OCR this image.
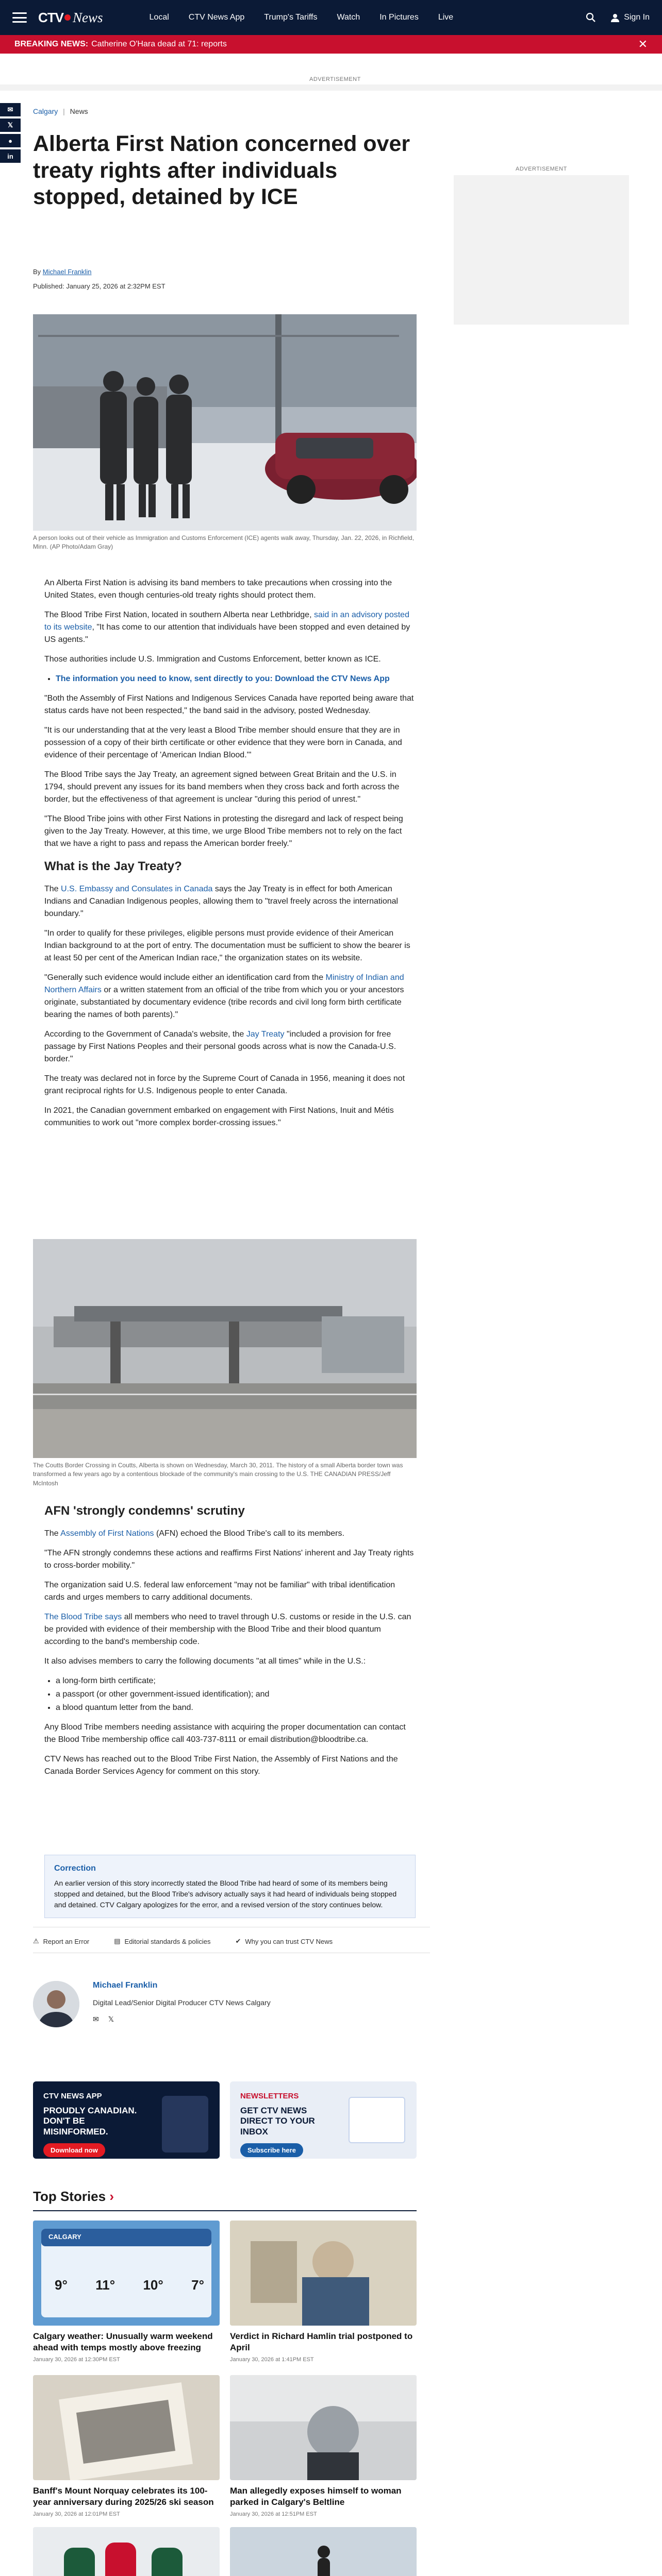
CTV News	Local CTV News App Trump's Tariffs Watch In Pictures Live	Sign In
BREAKING NEWS: Catherine O'Hara dead at 71: reports	✕
ADVERTISEMENT
✉
𝕏
●
in
Calgary | News
ADVERTISEMENT
Alberta First Nation concerned over treaty rights after individuals stopped, detained by ICE
By Michael Franklin
Published: January 25, 2026 at 2:32PM EST
A person looks out of their vehicle as Immigration and Customs Enforcement (ICE) agents walk away, Thursday, Jan. 22, 2026, in Richfield, Minn. (AP Photo/Adam Gray)

An Alberta First Nation is advising its band members to take precautions when crossing into the United States, even though centuries-old treaty rights should protect them.

The Blood Tribe First Nation, located in southern Alberta near Lethbridge, said in an advisory posted to its website, "It has come to our attention that individuals have been stopped and even detained by US agents."

Those authorities include U.S. Immigration and Customs Enforcement, better known as ICE.

• The information you need to know, sent directly to you: Download the CTV News App

"Both the Assembly of First Nations and Indigenous Services Canada have reported being aware that status cards have not been respected," the band said in the advisory, posted Wednesday.

"It is our understanding that at the very least a Blood Tribe member should ensure that they are in possession of a copy of their birth certificate or other evidence that they were born in Canada, and evidence of their percentage of 'American Indian Blood.'"

The Blood Tribe says the Jay Treaty, an agreement signed between Great Britain and the U.S. in 1794, should prevent any issues for its band members when they cross back and forth across the border, but the effectiveness of that agreement is unclear "during this period of unrest."

"The Blood Tribe joins with other First Nations in protesting the disregard and lack of respect being given to the Jay Treaty. However, at this time, we urge Blood Tribe members not to rely on the fact that we have a right to pass and repass the American border freely."

What is the Jay Treaty?

The U.S. Embassy and Consulates in Canada says the Jay Treaty is in effect for both American Indians and Canadian Indigenous peoples, allowing them to "travel freely across the international boundary."

"In order to qualify for these privileges, eligible persons must provide evidence of their American Indian background to at the port of entry. The documentation must be sufficient to show the bearer is at least 50 per cent of the American Indian race," the organization states on its website.

"Generally such evidence would include either an identification card from the Ministry of Indian and Northern Affairs or a written statement from an official of the tribe from which you or your ancestors originate, substantiated by documentary evidence (tribe records and civil long form birth certificate bearing the names of both parents)."

According to the Government of Canada's website, the Jay Treaty "included a provision for free passage by First Nations Peoples and their personal goods across what is now the Canada-U.S. border."

The treaty was declared not in force by the Supreme Court of Canada in 1956, meaning it does not grant reciprocal rights for U.S. Indigenous people to enter Canada.

In 2021, the Canadian government embarked on engagement with First Nations, Inuit and Métis communities to work out "more complex border-crossing issues."

The Coutts Border Crossing in Coutts, Alberta is shown on Wednesday, March 30, 2011. The history of a small Alberta border town was transformed a few years ago by a contentious blockade of the community's main crossing to the U.S. THE CANADIAN PRESS/Jeff McIntosh
AFN 'strongly condemns' scrutiny

The Assembly of First Nations (AFN) echoed the Blood Tribe's call to its members.

"The AFN strongly condemns these actions and reaffirms First Nations' inherent and Jay Treaty rights to cross-border mobility."

The organization said U.S. federal law enforcement "may not be familiar" with tribal identification cards and urges members to carry additional documents.

The Blood Tribe says all members who need to travel through U.S. customs or reside in the U.S. can be provided with evidence of their membership with the Blood Tribe and their blood quantum according to the band's membership code.

It also advises members to carry the following documents "at all times" while in the U.S.:

• a long-form birth certificate;
• a passport (or other government-issued identification); and
• a blood quantum letter from the band.

Any Blood Tribe members needing assistance with acquiring the proper documentation can contact the Blood Tribe membership office call 403-737-8111 or email distribution@bloodtribe.ca.

CTV News has reached out to the Blood Tribe First Nation, the Assembly of First Nations and the Canada Border Services Agency for comment on this story.

Correction
An earlier version of this story incorrectly stated the Blood Tribe had heard of some of its members being stopped and detained, but the Blood Tribe's advisory actually says it had heard of individuals being stopped and detained. CTV Calgary apologizes for the error, and a revised version of the story continues below.
⚠ Report an Error	▤ Editorial standards & policies	✔ Why you can trust CTV News
Michael Franklin
Digital Lead/Senior Digital Producer CTV News Calgary
✉ 𝕏
CTV NEWS APP
PROUDLY CANADIAN. DON'T BE MISINFORMED.
Download now
NEWSLETTERS
GET CTV NEWS DIRECT TO YOUR INBOX
Subscribe here
Top Stories ›
CALGARY
9° 11° 10° 7°
Calgary weather: Unusually warm weekend ahead with temps mostly above freezing
January 30, 2026 at 12:30PM EST
Verdict in Richard Hamlin trial postponed to April
January 30, 2026 at 1:41PM EST
Banff's Mount Norquay celebrates its 100-year anniversary during 2025/26 ski season
January 30, 2026 at 12:01PM EST
Man allegedly exposes himself to woman parked in Calgary's Beltline
January 30, 2026 at 12:51PM EST
